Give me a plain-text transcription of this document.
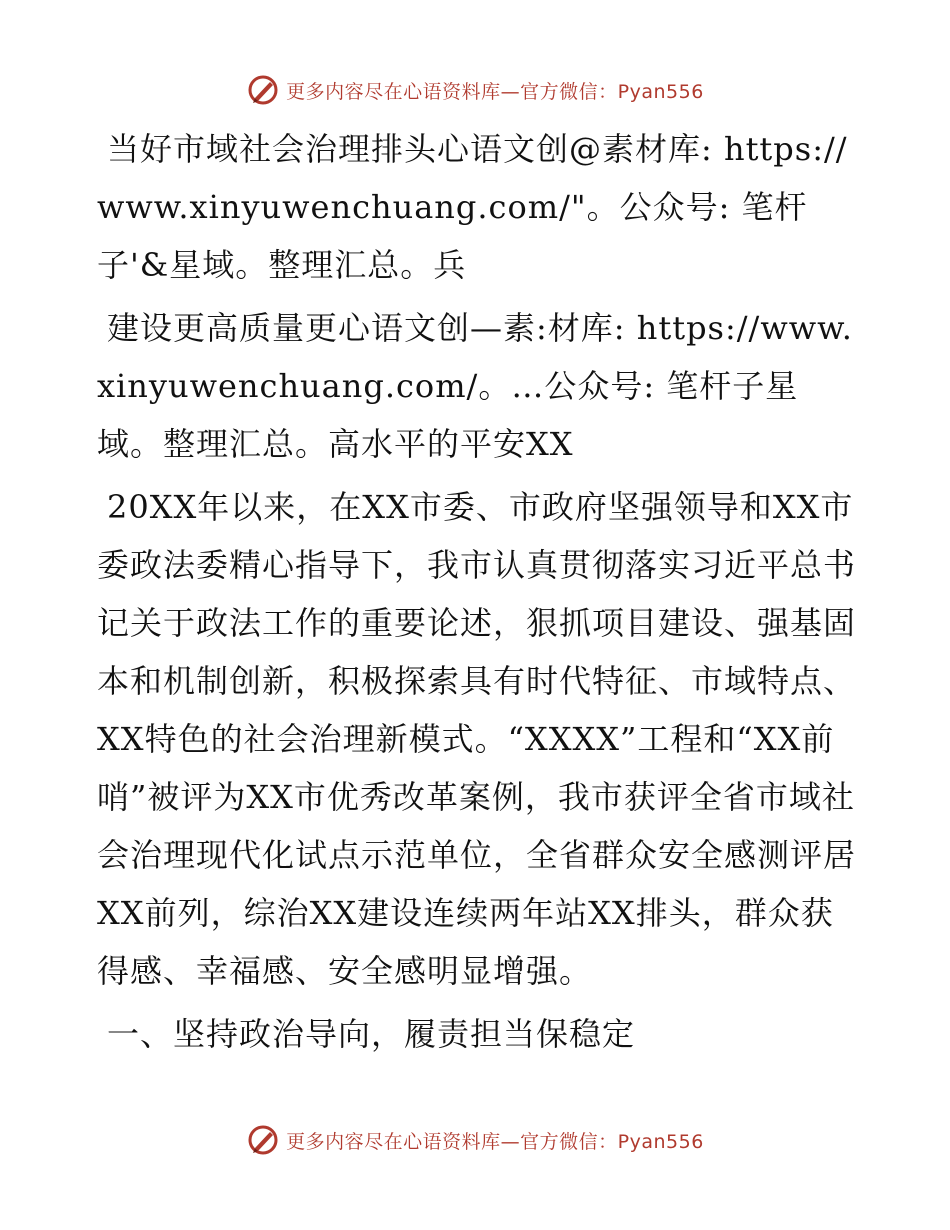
更多内容尽在心语资料库—官方微信：Pyan556

当好市域社会治理排头心语文创@素材库: https://www.xinyuwenchuang.com/"。公众号: 笔杆子'&星域。整理汇总。兵

建设更高质量更心语文创—素:材库: https://www.xinyuwenchuang.com/。…公众号: 笔杆子星域。整理汇总。高水平的平安XX

20XX年以来，在XX市委、市政府坚强领导和XX市委政法委精心指导下，我市认真贯彻落实习近平总书记关于政法工作的重要论述，狠抓项目建设、强基固本和机制创新，积极探索具有时代特征、市域特点、XX特色的社会治理新模式。“XXXX”工程和“XX前哨”被评为XX市优秀改革案例，我市获评全省市域社会治理现代化试点示范单位，全省群众安全感测评居XX前列，综治XX建设连续两年站XX排头，群众获得感、幸福感、安全感明显增强。

一、坚持政治导向，履责担当保稳定

更多内容尽在心语资料库—官方微信：Pyan556
